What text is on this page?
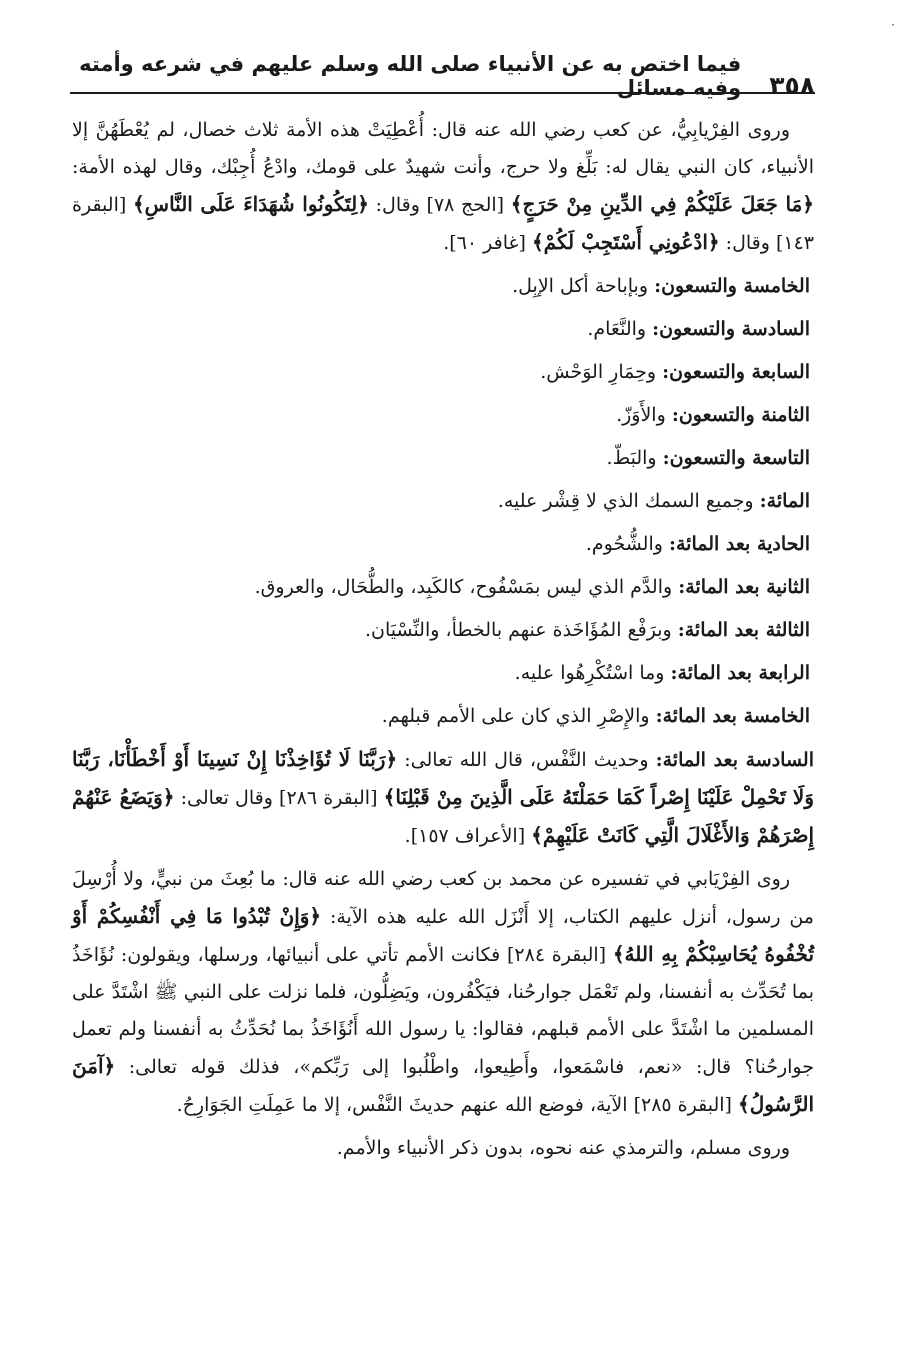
·
٣٥٨
فيما اختص به عن الأنبياء صلى الله وسلم عليهم في شرعه وأمته وفيه مسائل

وروى الفِرْيابِيُّ، عن كعب رضي الله عنه قال: أُعْطِيَتْ هذه الأمة ثلاث خصال، لم يُعْطَهُنَّ إلا الأنبياء، كان النبي يقال له: بَلِّغ ولا حرج، وأنت شهيدٌ على قومك، وادْعُ أُجِبْك، وقال لهذه الأمة: ﴿مَا جَعَلَ عَلَيْكُمْ فِي الدِّينِ مِنْ حَرَجٍ﴾ [الحج ٧٨] وقال: ﴿لِتَكُونُوا شُهَدَاءَ عَلَى النَّاسِ﴾ [البقرة ١٤٣] وقال: ﴿ادْعُونِي أَسْتَجِبْ لَكُمْ﴾ [غافر ٦٠].

الخامسة والتسعون: وبإباحة أكل الإبِل.
السادسة والتسعون: والنَّعَام.
السابعة والتسعون: وحِمَارِ الوَحْش.
الثامنة والتسعون: والأَوَزّ.
التاسعة والتسعون: والبَطّ.
المائة: وجميع السمك الذي لا قِشْر عليه.
الحادية بعد المائة: والشُّحُوم.
الثانية بعد المائة: والدَّم الذي ليس بمَسْفُوح، كالكَبِد، والطُّحَال، والعروق.
الثالثة بعد المائة: وبرَفْع المُؤَاخَذة عنهم بالخطأ، والنِّسْيَان.
الرابعة بعد المائة: وما اسْتُكْرِهُوا عليه.
الخامسة بعد المائة: والإِصْرِ الذي كان على الأمم قبلهم.

السادسة بعد المائة: وحديث النَّفْس، قال الله تعالى: ﴿رَبَّنَا لَا تُؤَاخِذْنَا إِنْ نَسِينَا أَوْ أَخْطَأْنَا، رَبَّنَا وَلَا تَحْمِلْ عَلَيْنَا إِصْراً كَمَا حَمَلْتَهُ عَلَى الَّذِينَ مِنْ قَبْلِنَا﴾ [البقرة ٢٨٦] وقال تعالى: ﴿وَيَضَعُ عَنْهُمْ إِصْرَهُمْ وَالأَغْلَالَ الَّتِي كَانَتْ عَلَيْهِمْ﴾ [الأعراف ١٥٧].

روى الفِرْيَابي في تفسيره عن محمد بن كعب رضي الله عنه قال: ما بُعِثَ من نبيٍّ، ولا أُرْسِلَ من رسول، أنزل عليهم الكتاب، إلا أَنْزَل الله عليه هذه الآية: ﴿وَإِنْ تُبْدُوا مَا فِي أَنْفُسِكُمْ أَوْ تُخْفُوهُ يُحَاسِبْكُمْ بِهِ اللهُ﴾ [البقرة ٢٨٤] فكانت الأمم تأتي على أنبيائها، ورسلها، ويقولون: نُؤَاخَذُ بما تُحَدِّث به أنفسنا، ولم تَعْمَل جوارحُنا، فيَكْفُرون، ويَضِلُّون، فلما نزلت على النبي ﷺ اشْتَدَّ على المسلمين ما اشْتَدَّ على الأمم قبلهم، فقالوا: يا رسول الله أَنُؤَاخَذُ بما نُحَدِّثُ به أنفسنا ولم تعمل جوارحُنا؟ قال: «نعم، فاسْمَعوا، وأَطِيعوا، واطْلُبوا إلى رَبِّكم»، فذلك قوله تعالى: ﴿آمَنَ الرَّسُولُ﴾ [البقرة ٢٨٥] الآية، فوضع الله عنهم حديثَ النَّفْس، إلا ما عَمِلَتِ الجَوَارِحُ.

وروى مسلم، والترمذي عنه نحوه، بدون ذكر الأنبياء والأمم.
